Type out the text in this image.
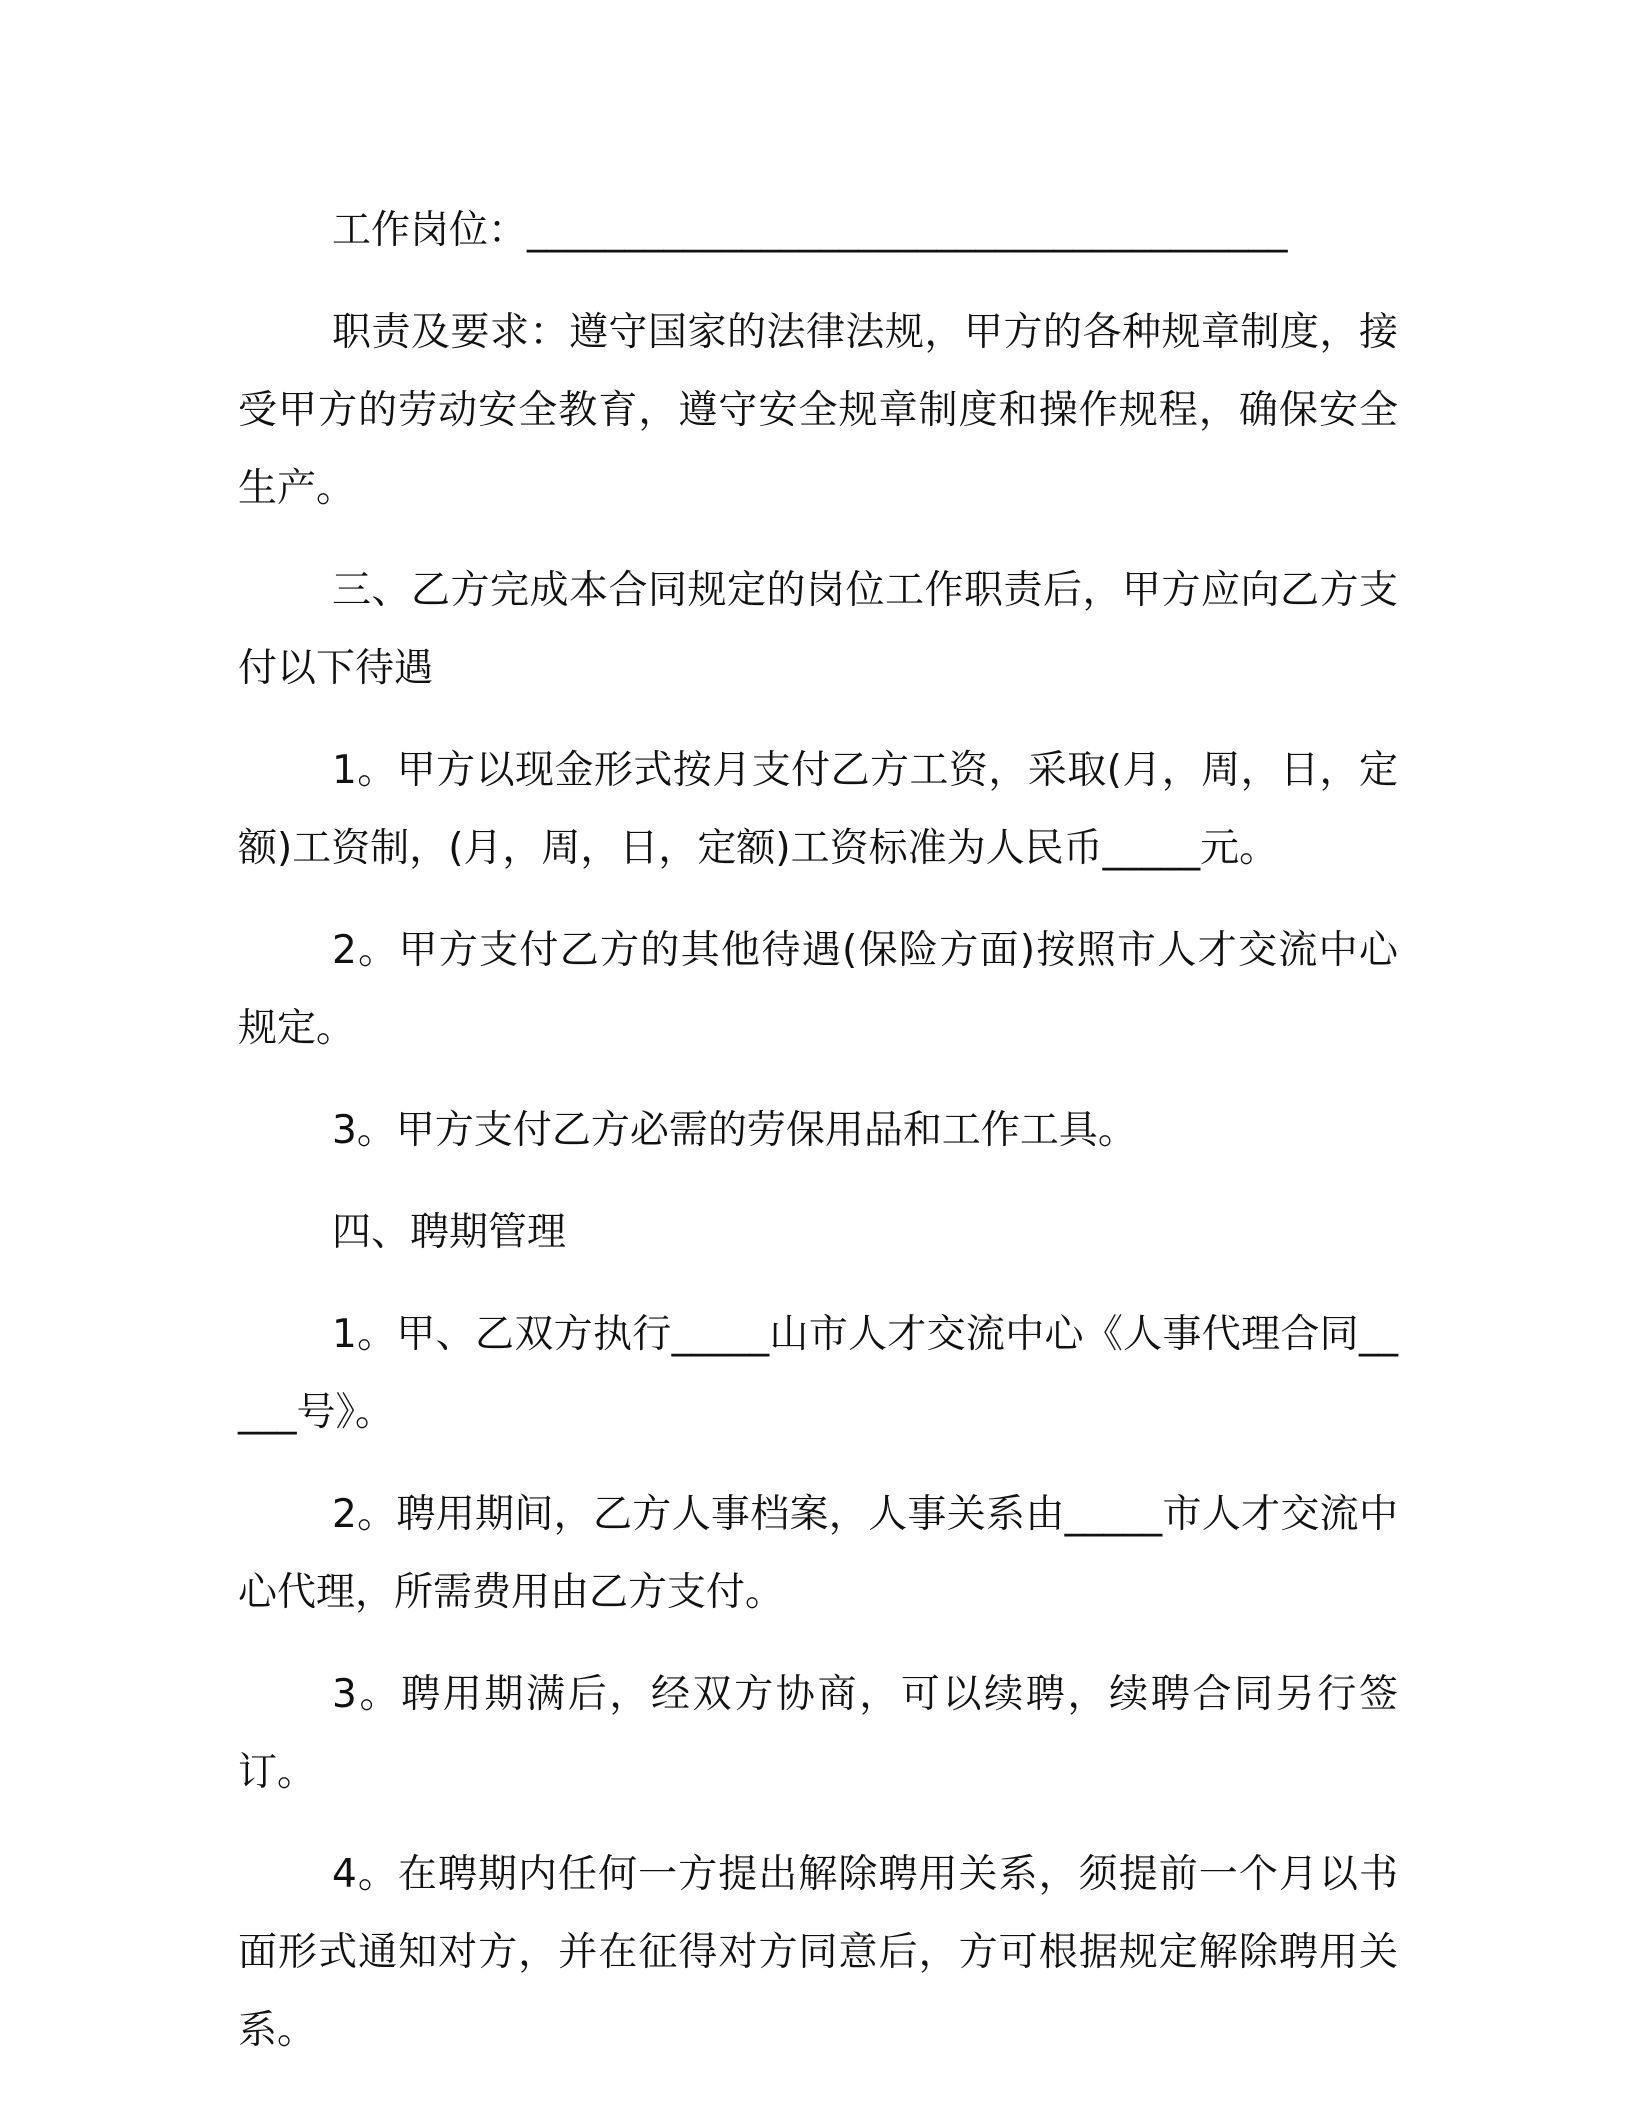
工作岗位：_______________________________________

职责及要求：遵守国家的法律法规，甲方的各种规章制度，接受甲方的劳动安全教育，遵守安全规章制度和操作规程，确保安全生产。

三、乙方完成本合同规定的岗位工作职责后，甲方应向乙方支付以下待遇

1。甲方以现金形式按月支付乙方工资，采取(月，周，日，定额)工资制，(月，周，日，定额)工资标准为人民币_____元。

2。甲方支付乙方的其他待遇(保险方面)按照市人才交流中心规定。

3。甲方支付乙方必需的劳保用品和工作工具。

四、聘期管理

1。甲、乙双方执行_____山市人才交流中心《人事代理合同_____号》。

2。聘用期间，乙方人事档案，人事关系由_____市人才交流中心代理，所需费用由乙方支付。

3。聘用期满后，经双方协商，可以续聘，续聘合同另行签订。

4。在聘期内任何一方提出解除聘用关系，须提前一个月以书面形式通知对方，并在征得对方同意后，方可根据规定解除聘用关系。
